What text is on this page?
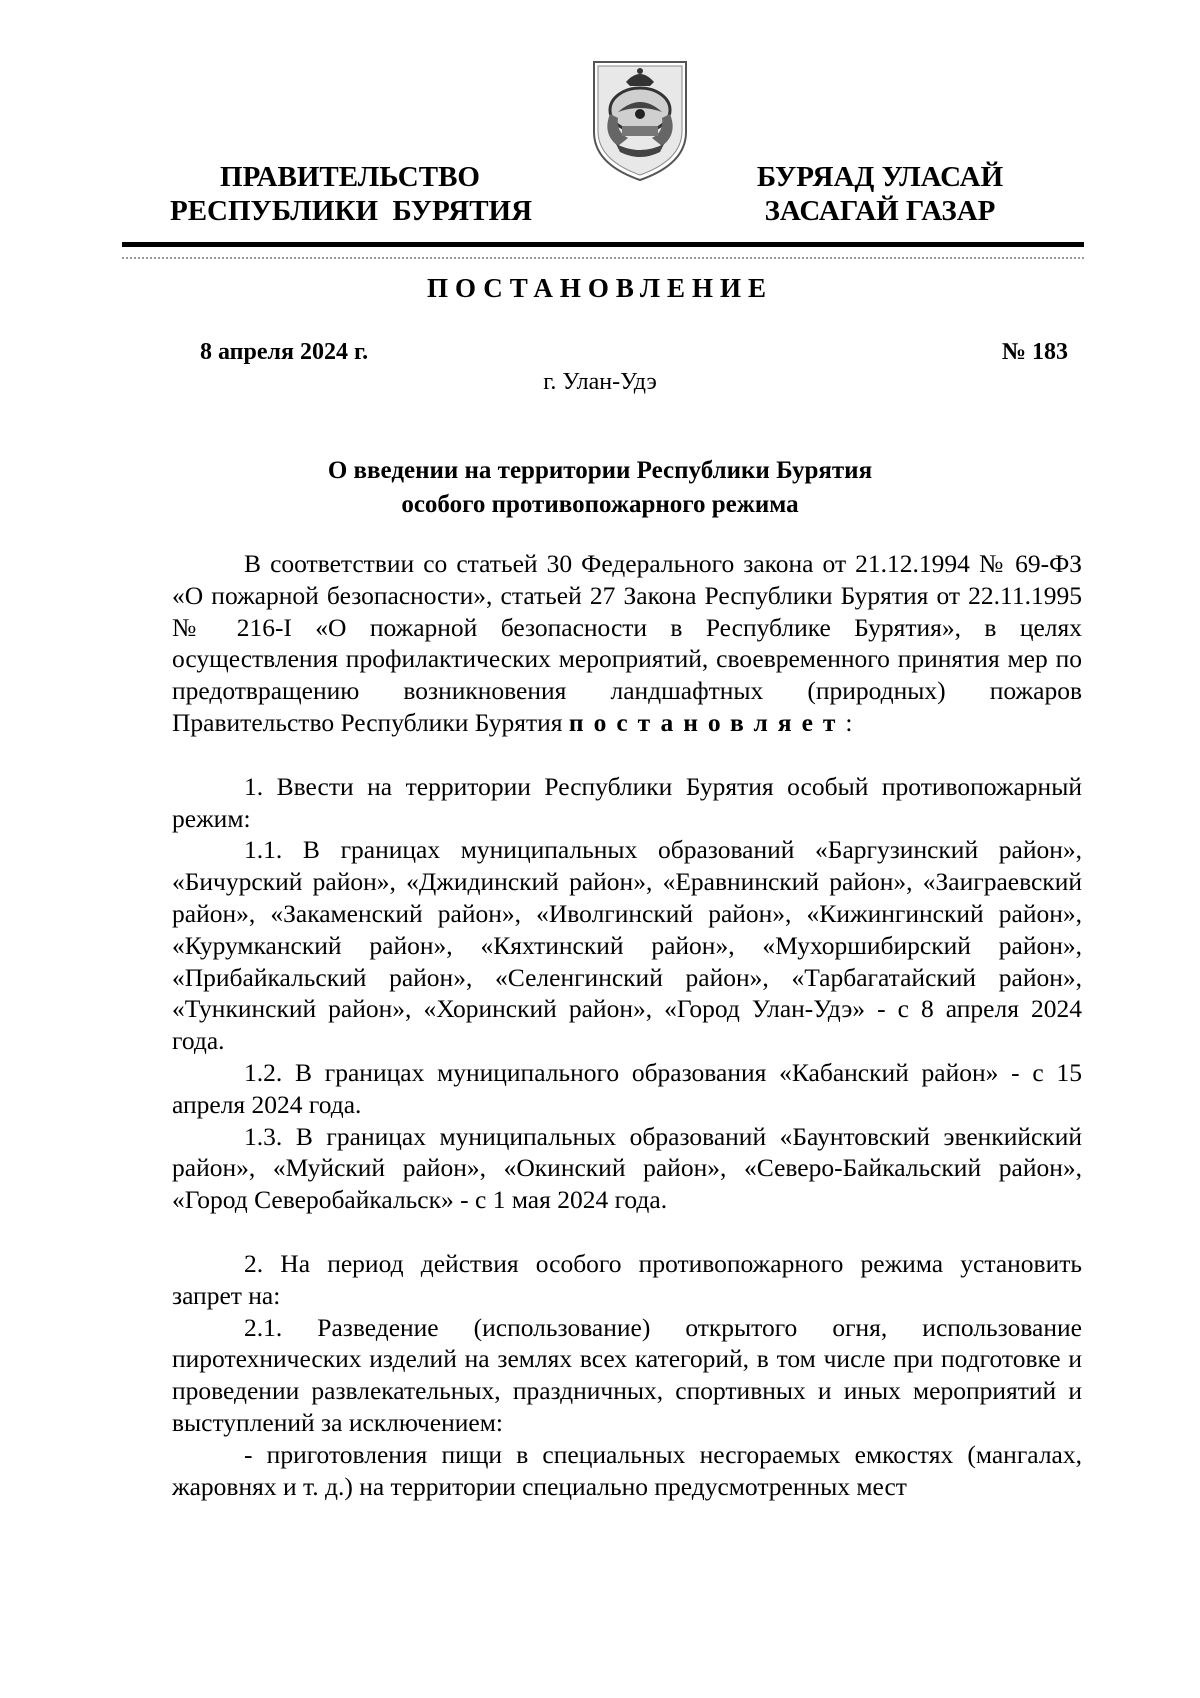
ПРАВИТЕЛЬСТВО
РЕСПУБЛИКИ  БУРЯТИЯ
БУРЯАД УЛАСАЙ
ЗАСАГАЙ ГАЗАР
ПОСТАНОВЛЕНИЕ
8 апреля 2024 г.	№ 183
г. Улан-Удэ
О введении на территории Республики Бурятия
особого противопожарного режима

В соответствии со статьей 30 Федерального закона от 21.12.1994 № 69-ФЗ «О пожарной безопасности», статьей 27 Закона Республики Бурятия от 22.11.1995 № 216-I «О пожарной безопасности в Республике Бурятия», в целях осуществления профилактических мероприятий, своевременного принятия мер по предотвращению возникновения ландшафтных (природных) пожаров Правительство Республики Бурятия постановляет:

1. Ввести на территории Республики Бурятия особый противопожарный режим:

1.1. В границах муниципальных образований «Баргузинский район», «Бичурский район», «Джидинский район», «Еравнинский район», «Заиграевский район», «Закаменский район», «Иволгинский район», «Кижингинский район», «Курумканский район», «Кяхтинский район», «Мухоршибирский район», «Прибайкальский район», «Селенгинский район», «Тарбагатайский район», «Тункинский район», «Хоринский район», «Город Улан-Удэ» - с 8 апреля 2024 года.

1.2. В границах муниципального образования «Кабанский район» - с 15 апреля 2024 года.

1.3. В границах муниципальных образований «Баунтовский эвенкийский район», «Муйский район», «Окинский район», «Северо-Байкальский район», «Город Северобайкальск» - с 1 мая 2024 года.

2. На период действия особого противопожарного режима установить запрет на:

2.1. Разведение (использование) открытого огня, использование пиротехнических изделий на землях всех категорий, в том числе при подготовке и проведении развлекательных, праздничных, спортивных и иных мероприятий и выступлений за исключением:

- приготовления пищи в специальных несгораемых емкостях (мангалах, жаровнях и т. д.) на территории специально предусмотренных мест
